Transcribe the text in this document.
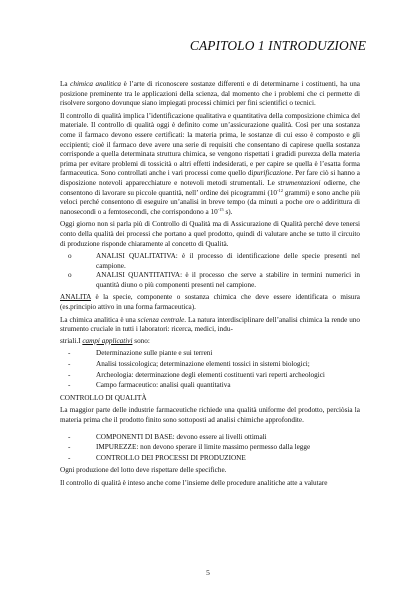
CAPITOLO 1 INTRODUZIONE

La chimica analitica è l’arte di riconoscere sostanze differenti e di determinarne i costituenti, ha una posizione preminente tra le applicazioni della scienza, dal momento che i problemi che ci permette di risolvere sorgono dovunque siano impiegati processi chimici per fini scientifici o tecnici.

Il controllo di qualità implica l’identificazione qualitativa e quantitativa della composizione chimica del materiale. Il controllo di qualità oggi è definito come un’assicurazione qualità. Così per una sostanza come il farmaco devono essere certificati: la materia prima, le sostanze di cui esso è composto e gli eccipienti; cioè il farmaco deve avere una serie di requisiti che consentano di capirese quella sostanza corrisponde a quella determinata struttura chimica, se vengono rispettati i gradidi purezza della materia prima per evitare problemi di tossicità o altri effetti indesiderati, e per capire se quella è l’esatta forma farmaceutica. Sono controllati anche i vari processi come quello dipurificazione. Per fare ciò si hanno a disposizione notevoli apparecchiature e notevoli metodi strumentali. Le strumentazioni odierne, che consentono di lavorare su piccole quantità, nell’ ordine dei picogrammi ($10^{-12}$ grammi) e sono anche più veloci perché consentono di eseguire un’analisi in breve tempo (da minuti a poche ore o addirittura di nanosecondi o a femtosecondi, che corrispondono a $10^{-15}$ s).

Oggi giorno non si parla più di Controllo di Qualità ma di Assicurazione di Qualità perché deve tenersi conto della qualità dei processi che portano a quel prodotto, quindi di valutare anche se tutto il circuito di produzione risponde chiaramente al concetto di Qualità.

o ANALISI QUALITATIVA: è il processo di identificazione delle specie presenti nel campione.
o ANALISI QUANTITATIVA: è il processo che serve a stabilire in termini numerici in quantità diuno o più componenti presenti nel campione.

ANALITA è la specie, componente o sostanza chimica che deve essere identificata o misura (es.principio attivo in una forma farmaceutica).

La chimica analitica è una scienza centrale. La natura interdisciplinare dell’analisi chimica la rende uno strumento cruciale in tutti i laboratori: ricerca, medici, indu-

striali.I campi applicativi sono:

- Determinazione sulle piante e sui terreni
- Analisi tossicologica; determinazione elementi tossici in sistemi biologici;
- Archeologia: determinazione degli elementi costituenti vari reperti archeologici
- Campo farmaceutico: analisi quali quantitativa

CONTROLLO DI QUALITÀ

La maggior parte delle industrie farmaceutiche richiede una qualità uniforme del prodotto, perciòsia la materia prima che il prodotto finito sono sottoposti ad analisi chimiche approfondite.

- COMPONENTI DI BASE: devono essere ai livelli ottimali
- IMPUREZZE: non devono sperare il limite massimo permesso dalla legge
- CONTROLLO DEI PROCESSI DI PRODUZIONE

Ogni produzione del lotto deve rispettare delle specifiche.

Il controllo di qualità è inteso anche come l’insieme delle procedure analitiche atte a valutare

5
